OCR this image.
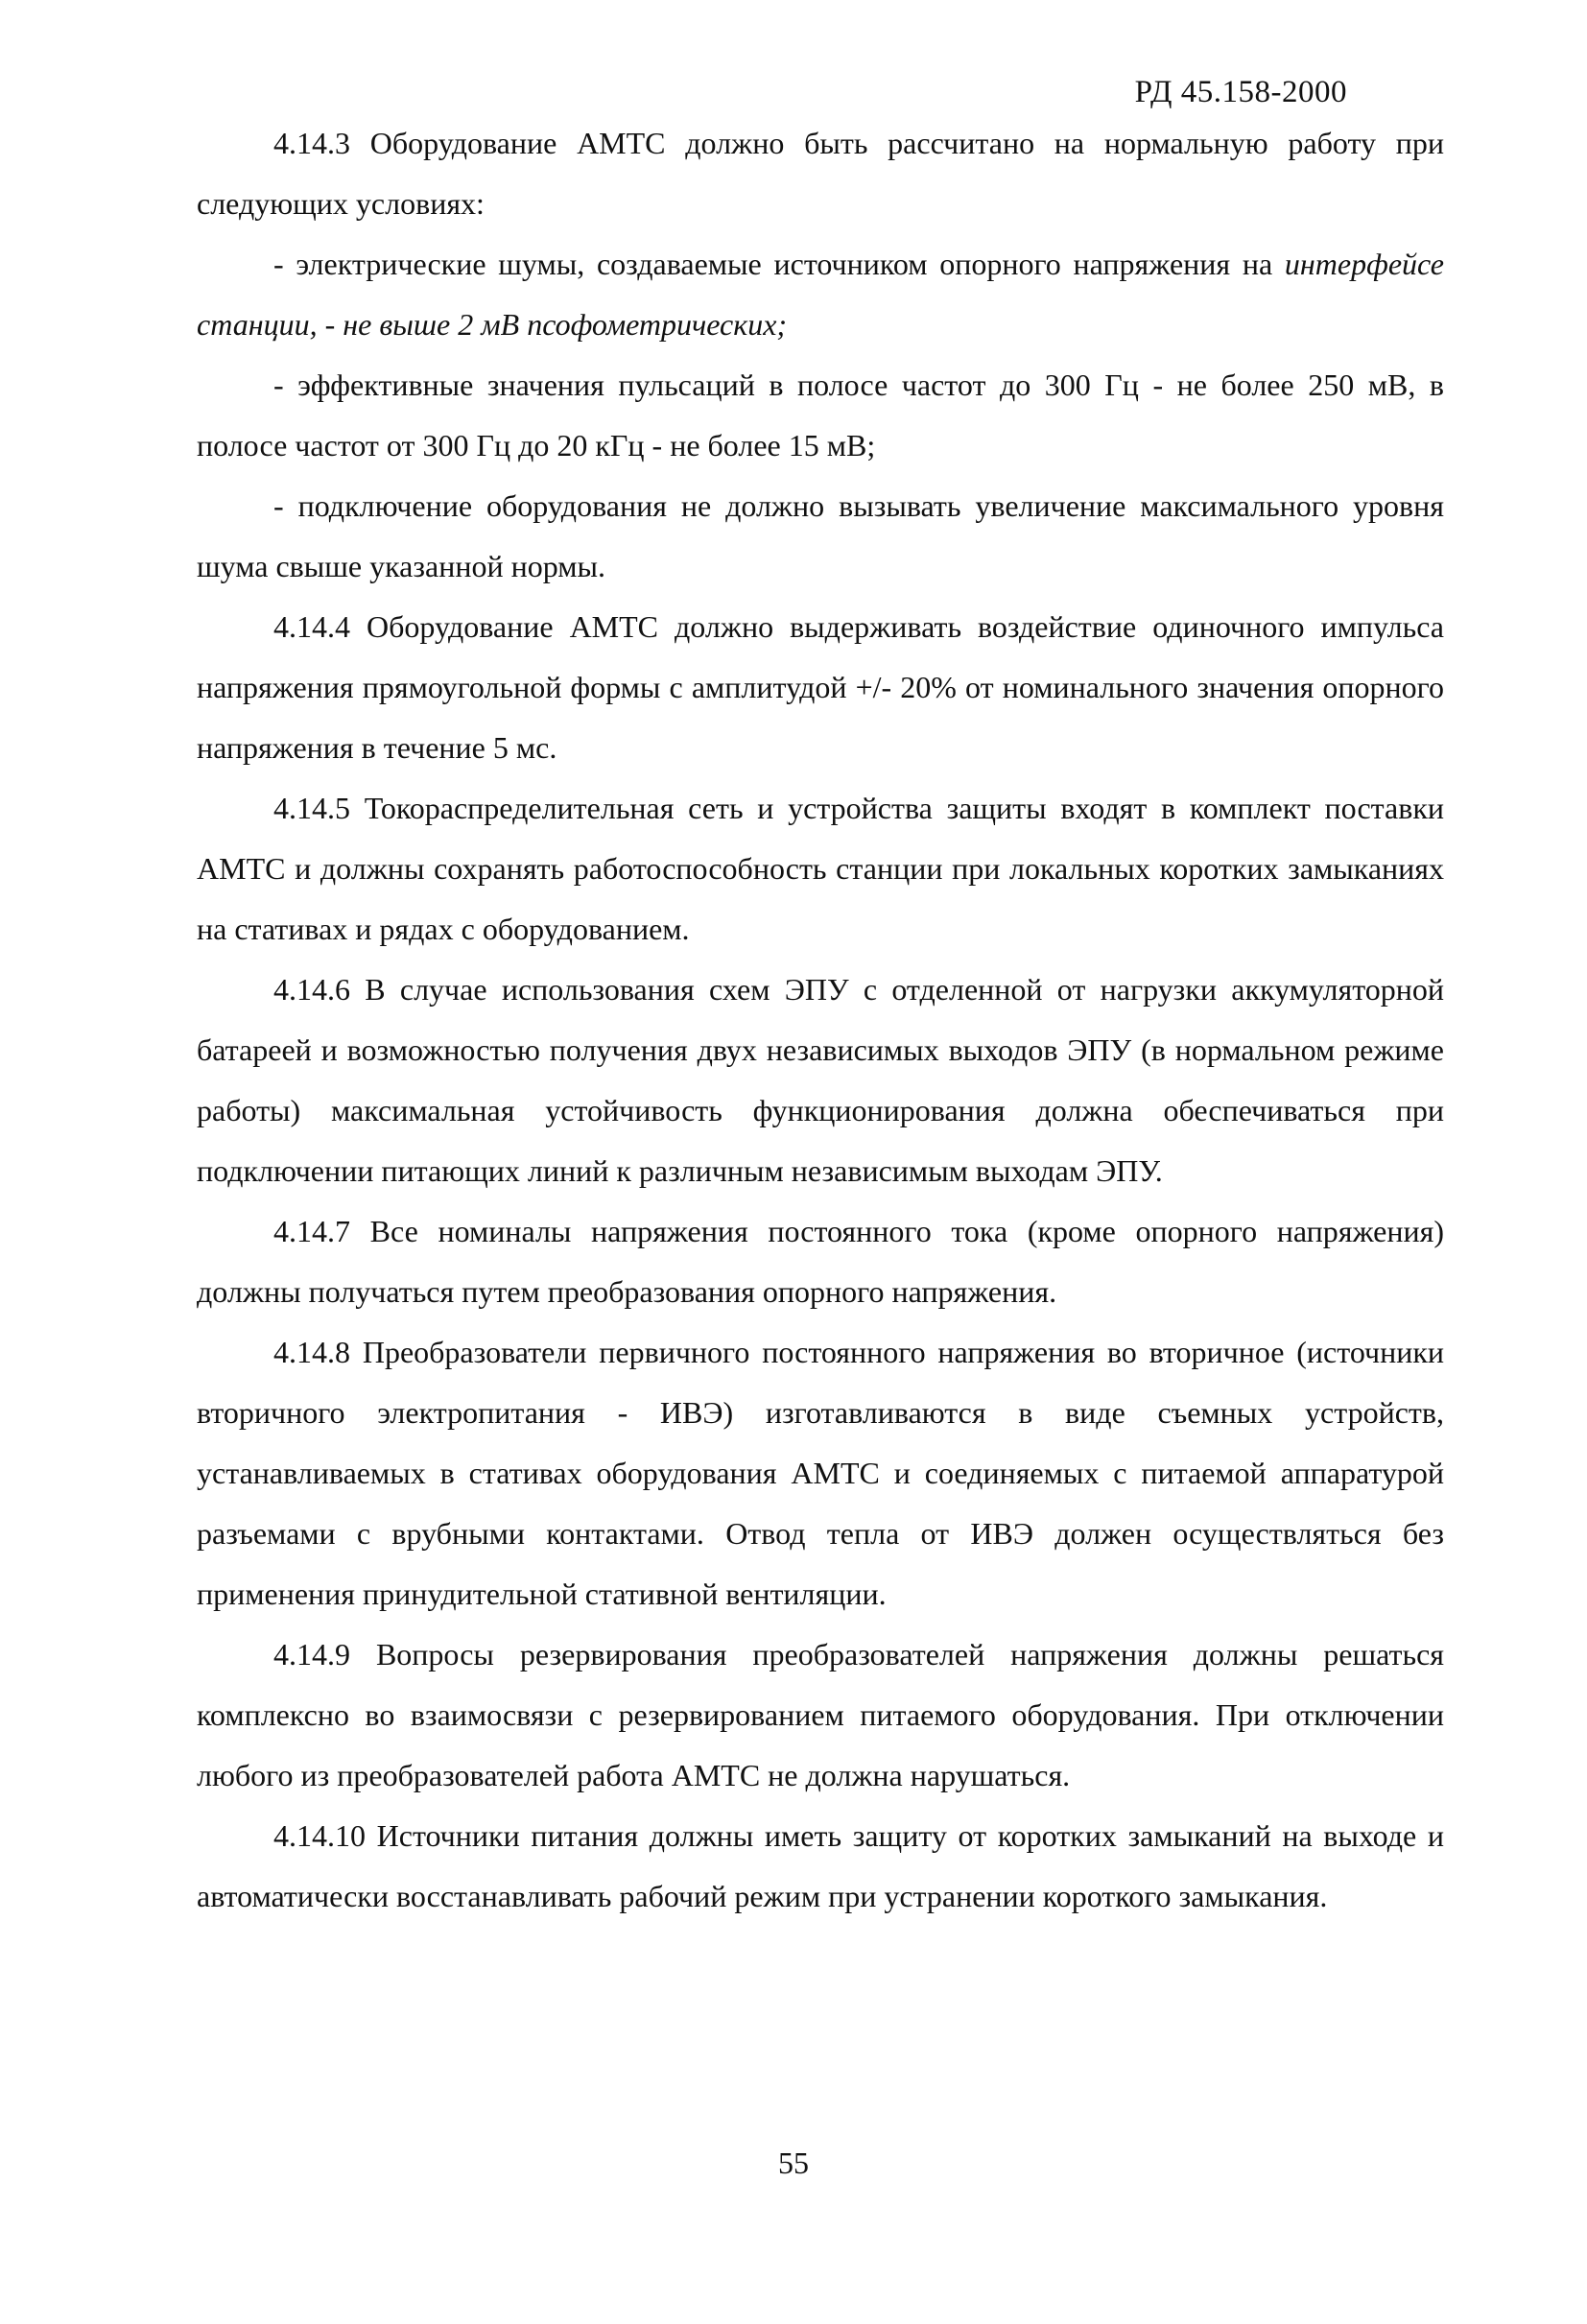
РД 45.158-2000

4.14.3 Оборудование АМТС должно быть рассчитано на нормальную работу при следующих условиях:

- электрические шумы, создаваемые источником опорного напряжения на интерфейсе станции, - не выше 2 мВ псофометрических;

- эффективные значения пульсаций в полосе частот до 300 Гц - не более 250 мВ, в полосе частот от 300 Гц до 20 кГц - не более 15 мВ;

- подключение оборудования не должно вызывать увеличение максимального уровня шума свыше указанной нормы.

4.14.4 Оборудование АМТС должно выдерживать воздействие одиночного импульса напряжения прямоугольной формы с амплитудой +/- 20% от номинального значения опорного напряжения в течение 5 мс.

4.14.5 Токораспределительная сеть и устройства защиты входят в комплект поставки АМТС и должны сохранять работоспособность станции при локальных коротких замыканиях на стативах и рядах с оборудованием.

4.14.6 В случае использования схем ЭПУ с отделенной от нагрузки аккумуляторной батареей и возможностью получения двух независимых выходов ЭПУ (в нормальном режиме работы) максимальная устойчивость функционирования должна обеспечиваться при подключении питающих линий к различным независимым выходам ЭПУ.

4.14.7 Все номиналы напряжения постоянного тока (кроме опорного напряжения) должны получаться путем преобразования опорного напряжения.

4.14.8 Преобразователи первичного постоянного напряжения во вторичное (источники вторичного электропитания - ИВЭ) изготавливаются в виде съемных устройств, устанавливаемых в стативах оборудования АМТС и соединяемых с питаемой аппаратурой разъемами с врубными контактами. Отвод тепла от ИВЭ должен осуществляться без применения принудительной стативной вентиляции.

4.14.9 Вопросы резервирования преобразователей напряжения должны решаться комплексно во взаимосвязи с резервированием питаемого оборудования. При отключении любого из преобразователей работа АМТС не должна нарушаться.

4.14.10 Источники питания должны иметь защиту от коротких замыканий на выходе и автоматически восстанавливать рабочий режим при устранении короткого замыкания.

55
